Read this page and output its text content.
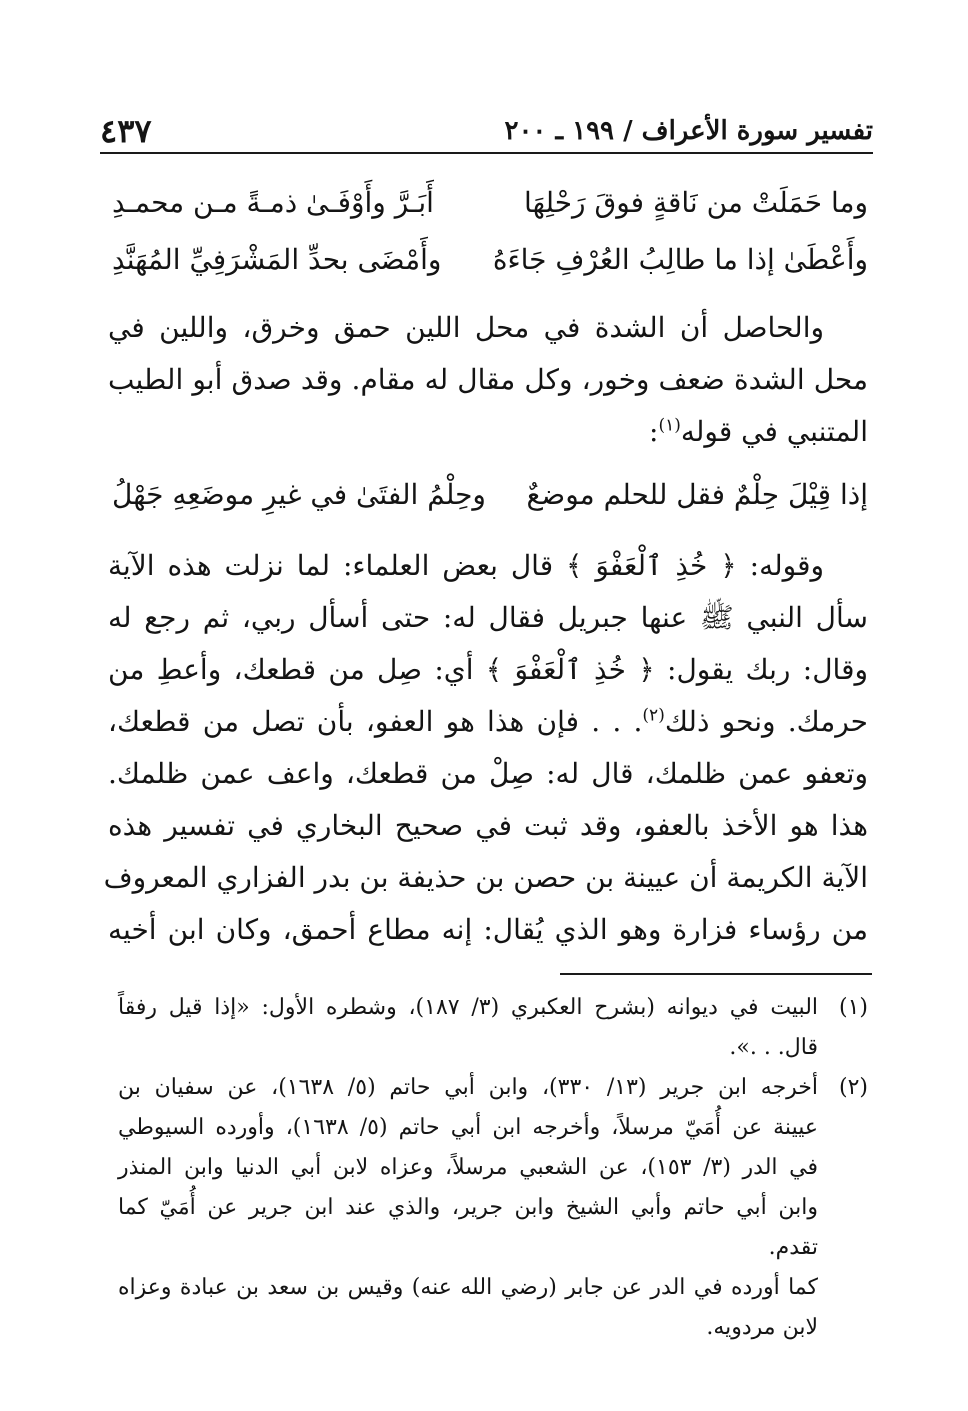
تفسير سورة الأعراف / ١٩٩ ـ ٢٠٠
٤٣٧
وما حَمَلَتْ من نَاقةٍ فوقَ رَحْلِهَا
أَبَـرَّ وأَوْفَـىٰ ذمـةً مـن محمـدِ
وأَعْطَىٰ إذا ما طالِبُ العُرْفِ جَاءَهُ
وأَمْضَى بحدِّ المَشْرَفِيِّ المُهَنَّدِ
والحاصل أن الشدة في محل اللين حمق وخرق، واللين في
محل الشدة ضعف وخور، وكل مقال له مقام. وقد صدق أبو الطيب
المتنبي في قوله$^{(١)}$:
إذا قِيْلَ حِلْمٌ فقل للحلم موضعٌ
وحِلْمُ الفتَىٰ في غيرِ موضَعِهِ جَهْلُ
وقوله: ﴿ خُذِ ٱلْعَفْوَ ﴾ قال بعض العلماء: لما نزلت هذه الآية
سأل النبي ﷺ عنها جبريل فقال له: حتى أسأل ربي، ثم رجع له
وقال: ربك يقول: ﴿ خُذِ ٱلْعَفْوَ ﴾ أي: صِل من قطعك، وأعطِ من
حرمك. ونحو ذلك$^{(٢)}$. . . فإن هذا هو العفو، بأن تصل من قطعك،
وتعفو عمن ظلمك، قال له: صِلْ من قطعك، واعف عمن ظلمك.
هذا هو الأخذ بالعفو، وقد ثبت في صحيح البخاري في تفسير هذه
الآية الكريمة أن عيينة بن حصن بن حذيفة بن بدر الفزاري المعروف
من رؤساء فزارة وهو الذي يُقال: إنه مطاع أحمق، وكان ابن أخيه
(١)
البيت في ديوانه (بشرح العكبري (٣/ ١٨٧)، وشطره الأول: «إذا قيل رفقاً
قال. . .».
(٢)
أخرجه ابن جرير (١٣/ ٣٣٠)، وابن أبي حاتم (٥/ ١٦٣٨)، عن سفيان بن
عيينة عن أُمَيّ مرسلاً، وأخرجه ابن أبي حاتم (٥/ ١٦٣٨)، وأورده السيوطي
في الدر (٣/ ١٥٣)، عن الشعبي مرسلاً، وعزاه لابن أبي الدنيا وابن المنذر
وابن أبي حاتم وأبي الشيخ وابن جرير، والذي عند ابن جرير عن أُمَيّ كما
تقدم.
كما أورده في الدر عن جابر (رضي الله عنه) وقيس بن سعد بن عبادة وعزاه
لابن مردويه.
